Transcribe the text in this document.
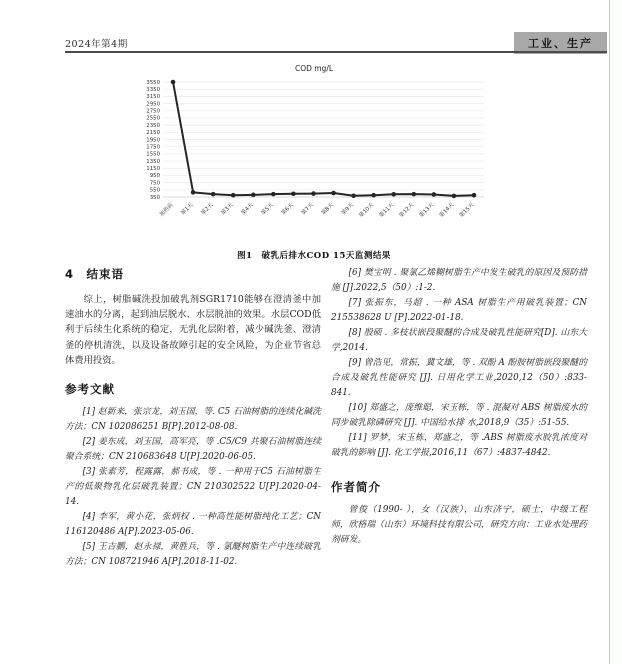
2024年第4期	工业、生产
COD mg/L
350
550
750
950
1150
1350
1550
1750
1950
2150
2350
2550
2750
2950
3150
3350
3550
加药前 第1天 第2天 第3天 第4天 第5天 第6天 第7天 第8天 第9天 第10天 第11天 第12天 第13天 第14天 第15天
图1　破乳后排水COD 15天监测结果
4　结束语

综上，树脂碱洗投加破乳剂SGR1710能够在澄清釜中加速油水的分离，起到油层脱水、水层脱油的效果。水层COD低利于后续生化系统的稳定，无乳化层附着，减少碱洗釜、澄清釜的停机清洗，以及设备故障引起的安全风险，为企业节省总体费用投资。

参考文献

[1] 赵新来，张宗龙，刘玉国，等. C5 石油树脂的连续化碱洗方法；CN 102086251 B[P].2012-08-08.

[2] 姜东成，刘玉国，高军亮，等 .C5/C9 共聚石油树脂连续聚合系统；CN 210683648 U[P].2020-06-05.

[3] 张素芳，程露露，郝书成，等 . 一种用于C5 石油树脂生产的低聚物乳化层破乳装置；CN 210302522 U[P].2020-04-14.

[4] 李军，黄小花，张炳权 . 一种高性能树脂纯化工艺；CN 116120486 A[P].2023-05-06.

[5] 王吉鹏，赵永禄，黄胜兵，等 . 氯醚树脂生产中连续破乳方法；CN 108721946 A[P].2018-11-02.

[6] 樊宝明 . 聚氯乙烯糊树脂生产中发生破乳的原因及预防措施 [J].2022,5（50）:1-2.

[7] 张振东，马超 . 一种 ASA 树脂生产用破乳装置；CN 215538628 U [P].2022-01-18.

[8] 殷硕 . 多枝状嵌段聚醚的合成及破乳性能研究[D]. 山东大学,2014.

[9] 曾浩见，常振，冀文雄，等 . 双酚 A 酚胺树脂嵌段聚醚的合成及破乳性能研究 [J]. 日用化学工业,2020,12（50）:833- 841.

[10] 郑盛之，庞维聪，宋玉栋，等 . 混凝对 ABS 树脂废水的同步破乳除磷研究 [J]. 中国给水排 水,2018,9（35）:51-55.

[11] 罗梦，宋玉栋，郑盛之，等 .ABS 树脂废水胶乳浓度对破乳的影响 [J]. 化工学报,2016,11（67）:4837-4842.

作者简介

曾俊（1990- ），女（汉族），山东济宁，硕士，中级工程师，欣格瑞（山东）环境科技有限公司，研究方向：工业水处理药剂研发。
